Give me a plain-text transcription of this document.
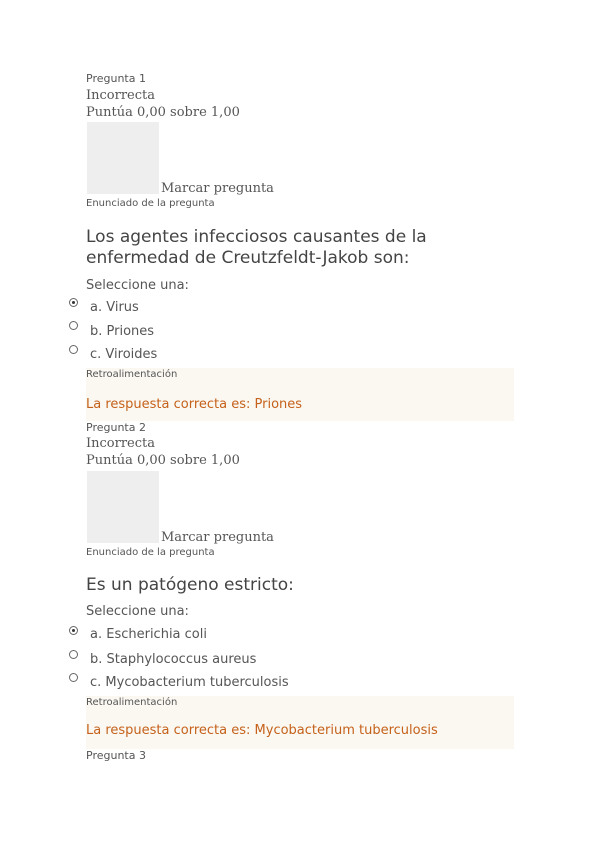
Pregunta 1
Incorrecta
Puntúa 0,00 sobre 1,00
Marcar pregunta
Enunciado de la pregunta
Los agentes infecciosos causantes de la
enfermedad de Creutzfeldt-Jakob son:
Seleccione una:
a. Virus
b. Priones
c. Viroides
Retroalimentación
La respuesta correcta es: Priones
Pregunta 2
Incorrecta
Puntúa 0,00 sobre 1,00
Marcar pregunta
Enunciado de la pregunta
Es un patógeno estricto:
Seleccione una:
a. Escherichia coli
b. Staphylococcus aureus
c. Mycobacterium tuberculosis
Retroalimentación
La respuesta correcta es: Mycobacterium tuberculosis
Pregunta 3
